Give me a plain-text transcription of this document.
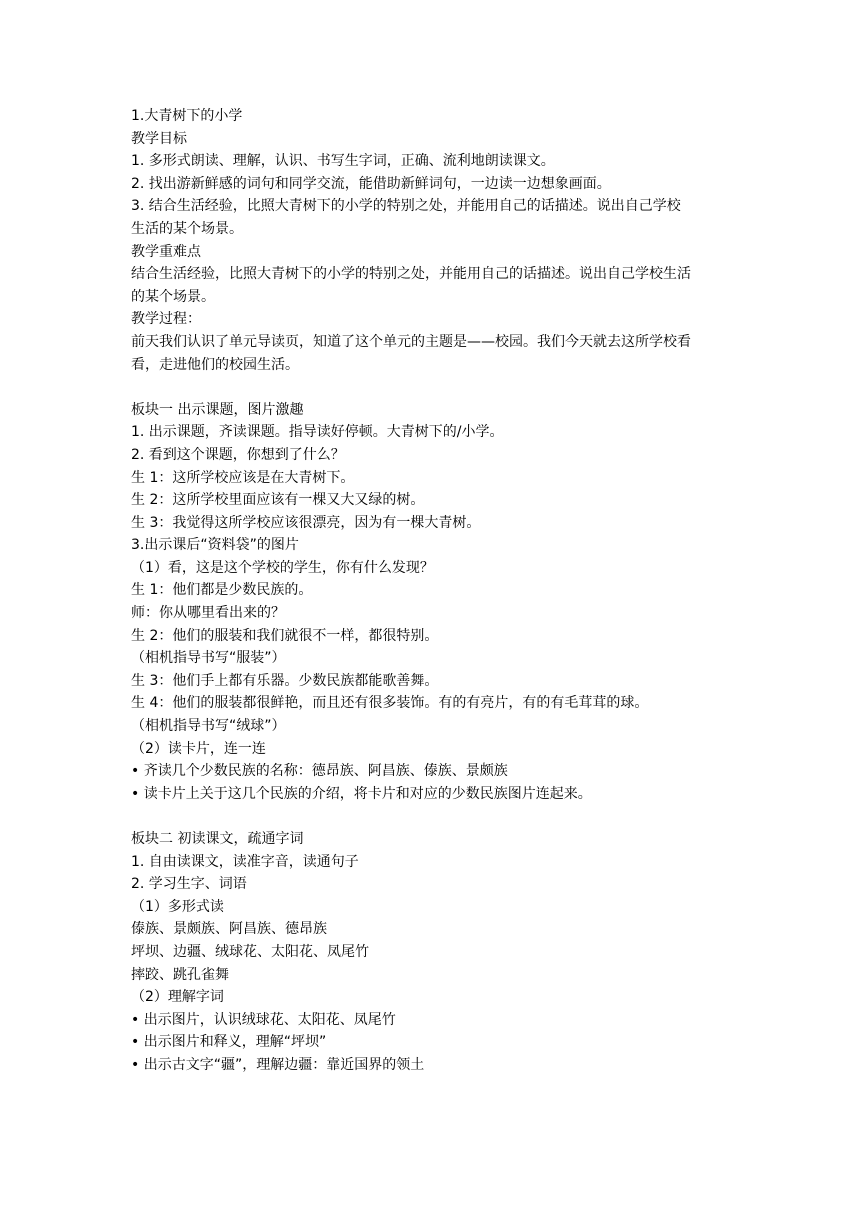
1.大青树下的小学
教学目标
1. 多形式朗读、理解，认识、书写生字词，正确、流利地朗读课文。
2. 找出游新鲜感的词句和同学交流，能借助新鲜词句，一边读一边想象画面。
3. 结合生活经验，比照大青树下的小学的特别之处，并能用自己的话描述。说出自己学校
生活的某个场景。
教学重难点
结合生活经验，比照大青树下的小学的特别之处，并能用自己的话描述。说出自己学校生活
的某个场景。
教学过程：
前天我们认识了单元导读页，知道了这个单元的主题是——校园。我们今天就去这所学校看
看，走进他们的校园生活。
板块一 出示课题，图片激趣
1. 出示课题，齐读课题。指导读好停顿。大青树下的/小学。
2. 看到这个课题，你想到了什么？
生 1：这所学校应该是在大青树下。
生 2：这所学校里面应该有一棵又大又绿的树。
生 3：我觉得这所学校应该很漂亮，因为有一棵大青树。
3.出示课后“资料袋”的图片
（1）看，这是这个学校的学生，你有什么发现？
生 1：他们都是少数民族的。
师：你从哪里看出来的？
生 2：他们的服装和我们就很不一样，都很特别。
（相机指导书写“服装”）
生 3：他们手上都有乐器。少数民族都能歌善舞。
生 4：他们的服装都很鲜艳，而且还有很多装饰。有的有亮片，有的有毛茸茸的球。
（相机指导书写“绒球”）
（2）读卡片，连一连
• 齐读几个少数民族的名称：德昂族、阿昌族、傣族、景颇族
• 读卡片上关于这几个民族的介绍，将卡片和对应的少数民族图片连起来。
板块二 初读课文，疏通字词
1. 自由读课文，读准字音，读通句子
2. 学习生字、词语
（1）多形式读
傣族、景颇族、阿昌族、德昂族
坪坝、边疆、绒球花、太阳花、凤尾竹
摔跤、跳孔雀舞
（2）理解字词
• 出示图片，认识绒球花、太阳花、凤尾竹
• 出示图片和释义，理解“坪坝”
• 出示古文字“疆”，理解边疆：靠近国界的领土
